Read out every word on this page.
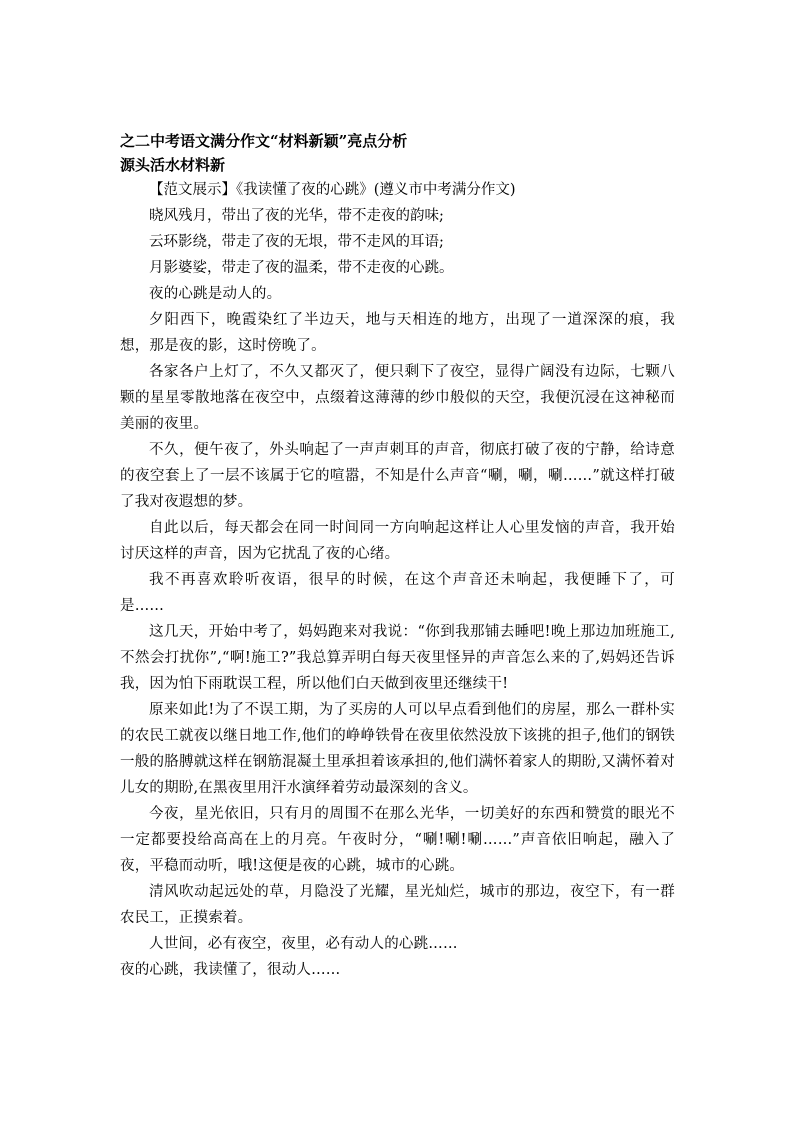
之二中考语文满分作文“材料新颖”亮点分析
源头活水材料新
【范文展示】《我读懂了夜的心跳》(遵义市中考满分作文)
晓风残月，带出了夜的光华，带不走夜的韵味;
云环影绕，带走了夜的无垠，带不走风的耳语;
月影婆娑，带走了夜的温柔，带不走夜的心跳。

夜的心跳是动人的。

夕阳西下，晚霞染红了半边天，地与天相连的地方，出现了一道深深的痕，我想，那是夜的影，这时傍晚了。

各家各户上灯了，不久又都灭了，便只剩下了夜空，显得广阔没有边际，七颗八颗的星星零散地落在夜空中，点缀着这薄薄的纱巾般似的天空，我便沉浸在这神秘而美丽的夜里。

不久，便午夜了，外头响起了一声声刺耳的声音，彻底打破了夜的宁静，给诗意的夜空套上了一层不该属于它的喧嚣，不知是什么声音“唰，唰，唰……”就这样打破了我对夜遐想的梦。

自此以后，每天都会在同一时间同一方向响起这样让人心里发恼的声音，我开始讨厌这样的声音，因为它扰乱了夜的心绪。

我不再喜欢聆听夜语，很早的时候，在这个声音还未响起，我便睡下了，可是……

这几天，开始中考了，妈妈跑来对我说：“你到我那铺去睡吧!晚上那边加班施工,不然会打扰你”,“啊!施工?”我总算弄明白每天夜里怪异的声音怎么来的了,妈妈还告诉我，因为怕下雨耽误工程，所以他们白天做到夜里还继续干!

原来如此!为了不误工期，为了买房的人可以早点看到他们的房屋，那么一群朴实的农民工就夜以继日地工作,他们的峥峥铁骨在夜里依然没放下该挑的担子,他们的钢铁一般的胳膊就这样在钢筋混凝土里承担着该承担的,他们满怀着家人的期盼,又满怀着对儿女的期盼,在黑夜里用汗水演绎着劳动最深刻的含义。

今夜，星光依旧，只有月的周围不在那么光华，一切美好的东西和赞赏的眼光不一定都要投给高高在上的月亮。午夜时分，“唰!唰!唰……”声音依旧响起，融入了夜，平稳而动听，哦!这便是夜的心跳，城市的心跳。

清风吹动起远处的草，月隐没了光耀，星光灿烂，城市的那边，夜空下，有一群农民工，正摸索着。

人世间，必有夜空，夜里，必有动人的心跳……

夜的心跳，我读懂了，很动人……
